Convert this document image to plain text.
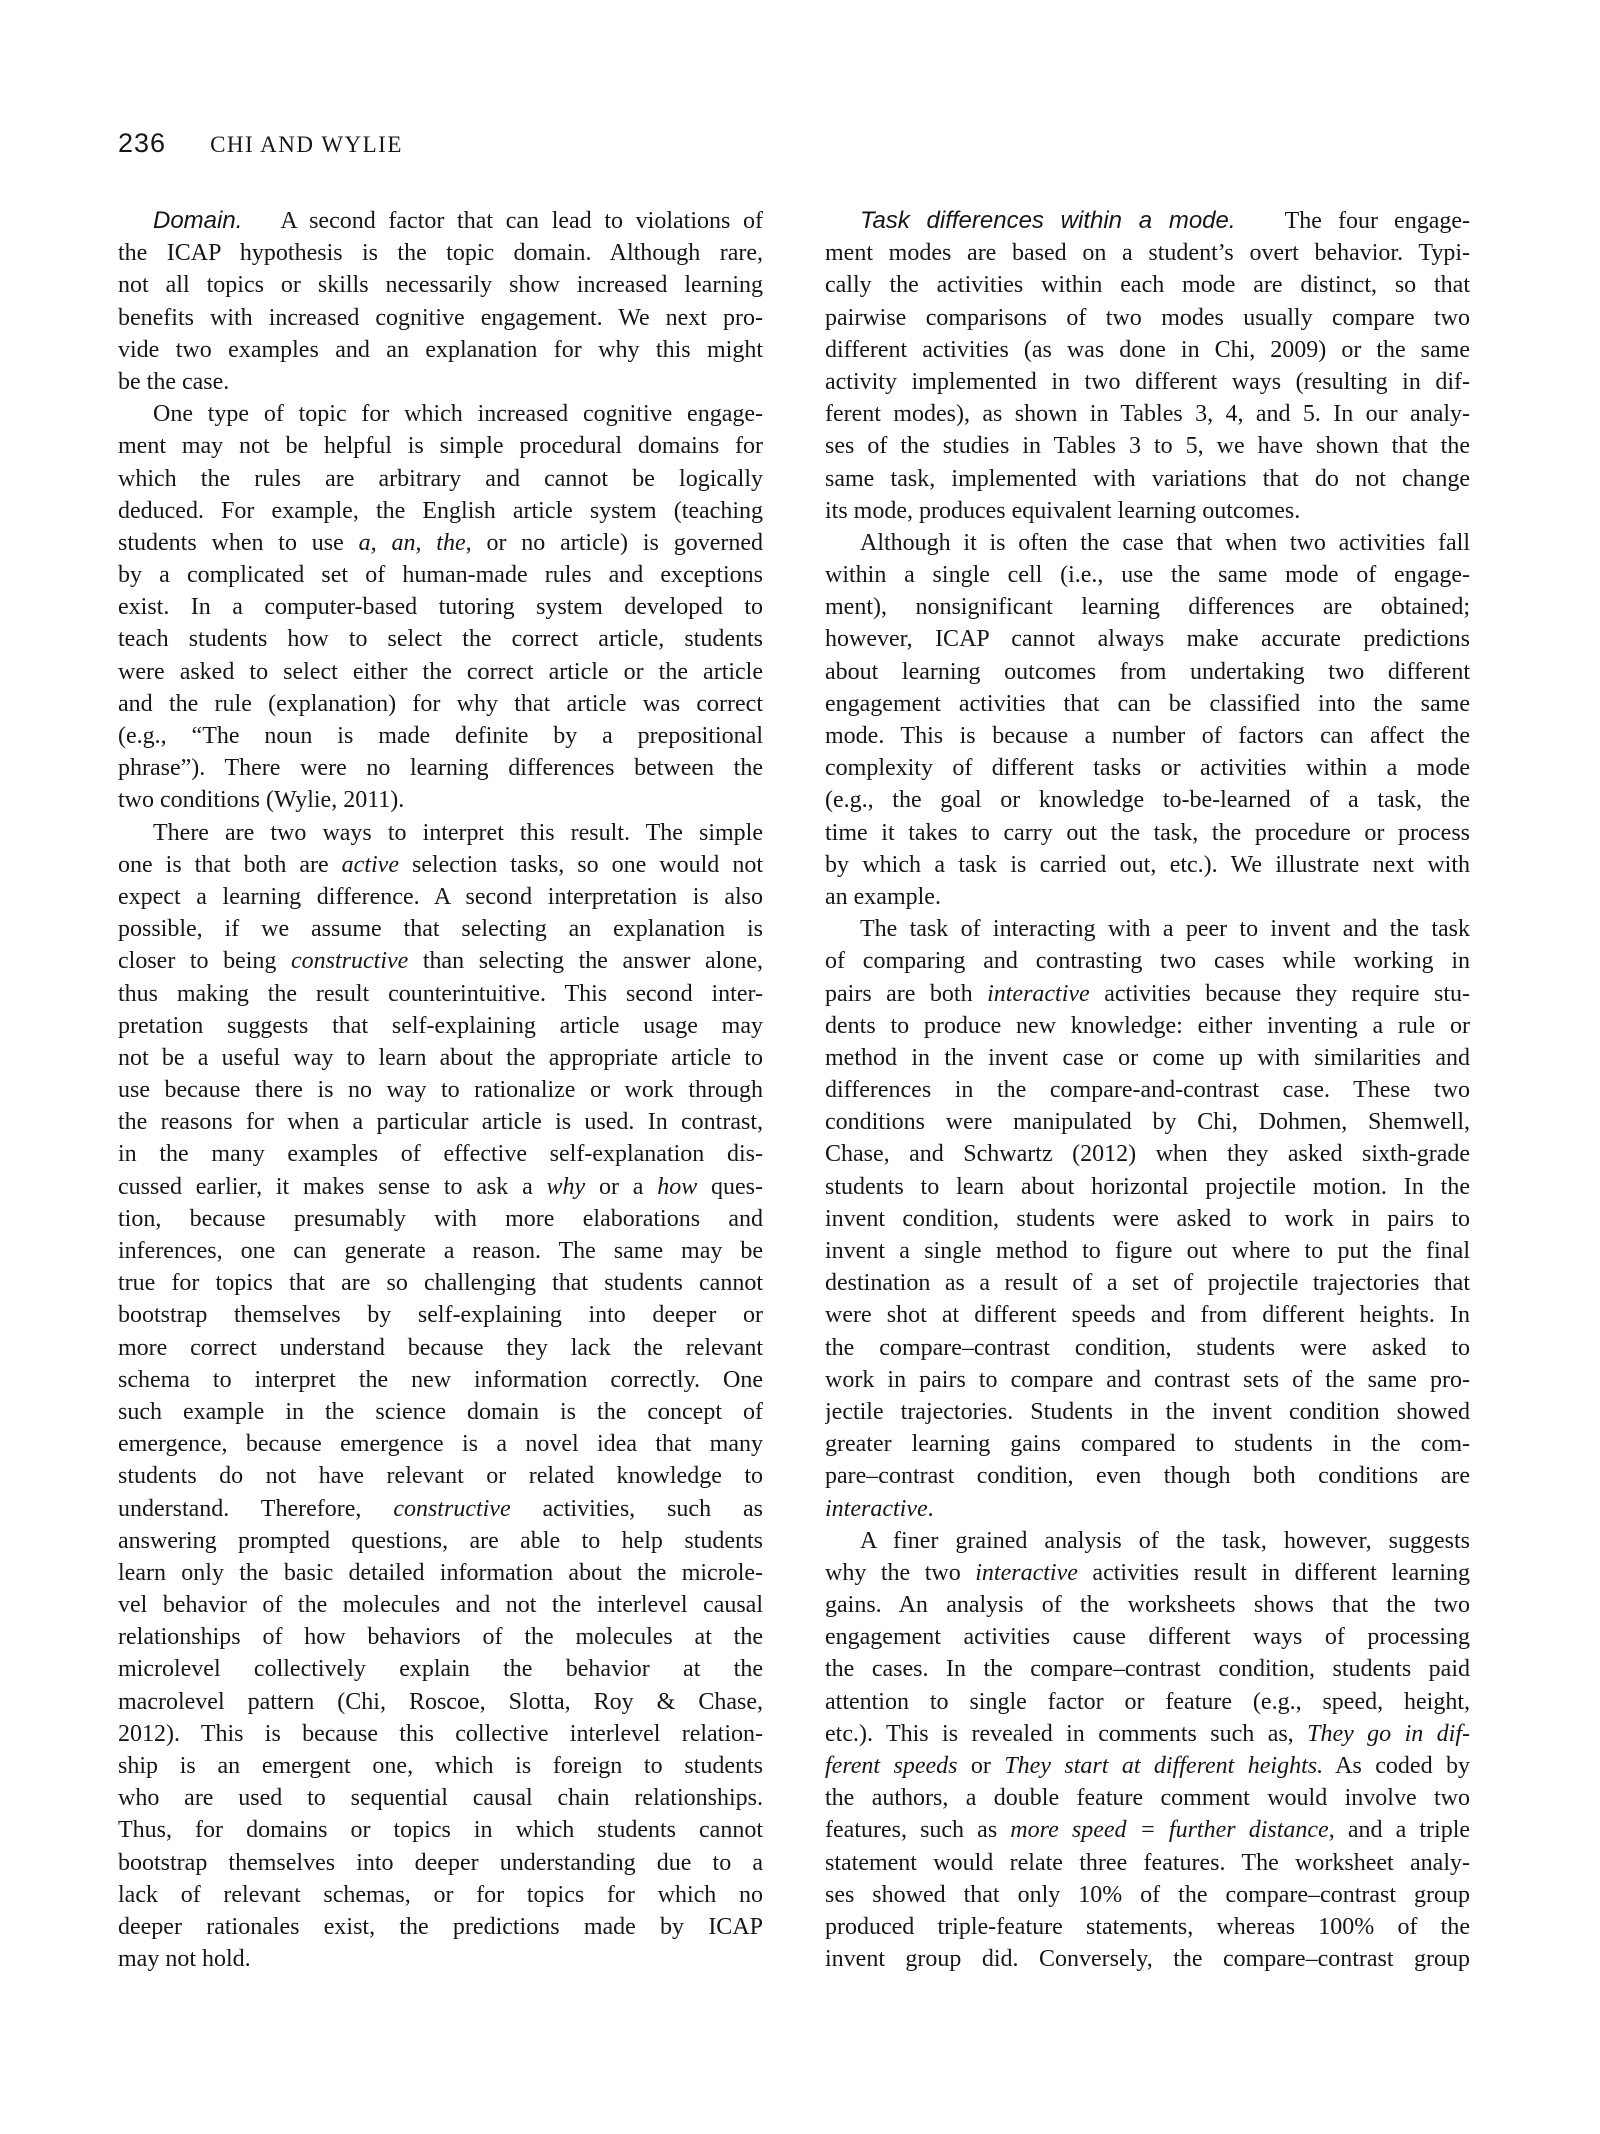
236 CHI AND WYLIE
Domain.   A second factor that can lead to violations of
the ICAP hypothesis is the topic domain. Although rare,
not all topics or skills necessarily show increased learning
benefits with increased cognitive engagement. We next pro-
vide two examples and an explanation for why this might
be the case.
One type of topic for which increased cognitive engage-
ment may not be helpful is simple procedural domains for
which the rules are arbitrary and cannot be logically
deduced. For example, the English article system (teaching
students when to use a, an, the, or no article) is governed
by a complicated set of human-made rules and exceptions
exist. In a computer-based tutoring system developed to
teach students how to select the correct article, students
were asked to select either the correct article or the article
and the rule (explanation) for why that article was correct
(e.g., “The noun is made definite by a prepositional
phrase”). There were no learning differences between the
two conditions (Wylie, 2011).
There are two ways to interpret this result. The simple
one is that both are active selection tasks, so one would not
expect a learning difference. A second interpretation is also
possible, if we assume that selecting an explanation is
closer to being constructive than selecting the answer alone,
thus making the result counterintuitive. This second inter-
pretation suggests that self-explaining article usage may
not be a useful way to learn about the appropriate article to
use because there is no way to rationalize or work through
the reasons for when a particular article is used. In contrast,
in the many examples of effective self-explanation dis-
cussed earlier, it makes sense to ask a why or a how ques-
tion, because presumably with more elaborations and
inferences, one can generate a reason. The same may be
true for topics that are so challenging that students cannot
bootstrap themselves by self-explaining into deeper or
more correct understand because they lack the relevant
schema to interpret the new information correctly. One
such example in the science domain is the concept of
emergence, because emergence is a novel idea that many
students do not have relevant or related knowledge to
understand. Therefore, constructive activities, such as
answering prompted questions, are able to help students
learn only the basic detailed information about the microle-
vel behavior of the molecules and not the interlevel causal
relationships of how behaviors of the molecules at the
microlevel collectively explain the behavior at the
macrolevel pattern (Chi, Roscoe, Slotta, Roy & Chase,
2012). This is because this collective interlevel relation-
ship is an emergent one, which is foreign to students
who are used to sequential causal chain relationships.
Thus, for domains or topics in which students cannot
bootstrap themselves into deeper understanding due to a
lack of relevant schemas, or for topics for which no
deeper rationales exist, the predictions made by ICAP
may not hold.
Task differences within a mode.   The four engage-
ment modes are based on a student’s overt behavior. Typi-
cally the activities within each mode are distinct, so that
pairwise comparisons of two modes usually compare two
different activities (as was done in Chi, 2009) or the same
activity implemented in two different ways (resulting in dif-
ferent modes), as shown in Tables 3, 4, and 5. In our analy-
ses of the studies in Tables 3 to 5, we have shown that the
same task, implemented with variations that do not change
its mode, produces equivalent learning outcomes.
Although it is often the case that when two activities fall
within a single cell (i.e., use the same mode of engage-
ment), nonsignificant learning differences are obtained;
however, ICAP cannot always make accurate predictions
about learning outcomes from undertaking two different
engagement activities that can be classified into the same
mode. This is because a number of factors can affect the
complexity of different tasks or activities within a mode
(e.g., the goal or knowledge to-be-learned of a task, the
time it takes to carry out the task, the procedure or process
by which a task is carried out, etc.). We illustrate next with
an example.
The task of interacting with a peer to invent and the task
of comparing and contrasting two cases while working in
pairs are both interactive activities because they require stu-
dents to produce new knowledge: either inventing a rule or
method in the invent case or come up with similarities and
differences in the compare-and-contrast case. These two
conditions were manipulated by Chi, Dohmen, Shemwell,
Chase, and Schwartz (2012) when they asked sixth-grade
students to learn about horizontal projectile motion. In the
invent condition, students were asked to work in pairs to
invent a single method to figure out where to put the final
destination as a result of a set of projectile trajectories that
were shot at different speeds and from different heights. In
the compare–contrast condition, students were asked to
work in pairs to compare and contrast sets of the same pro-
jectile trajectories. Students in the invent condition showed
greater learning gains compared to students in the com-
pare–contrast condition, even though both conditions are
interactive.
A finer grained analysis of the task, however, suggests
why the two interactive activities result in different learning
gains. An analysis of the worksheets shows that the two
engagement activities cause different ways of processing
the cases. In the compare–contrast condition, students paid
attention to single factor or feature (e.g., speed, height,
etc.). This is revealed in comments such as, They go in dif-
ferent speeds or They start at different heights. As coded by
the authors, a double feature comment would involve two
features, such as more speed = further distance, and a triple
statement would relate three features. The worksheet analy-
ses showed that only 10% of the compare–contrast group
produced triple-feature statements, whereas 100% of the
invent group did. Conversely, the compare–contrast group
